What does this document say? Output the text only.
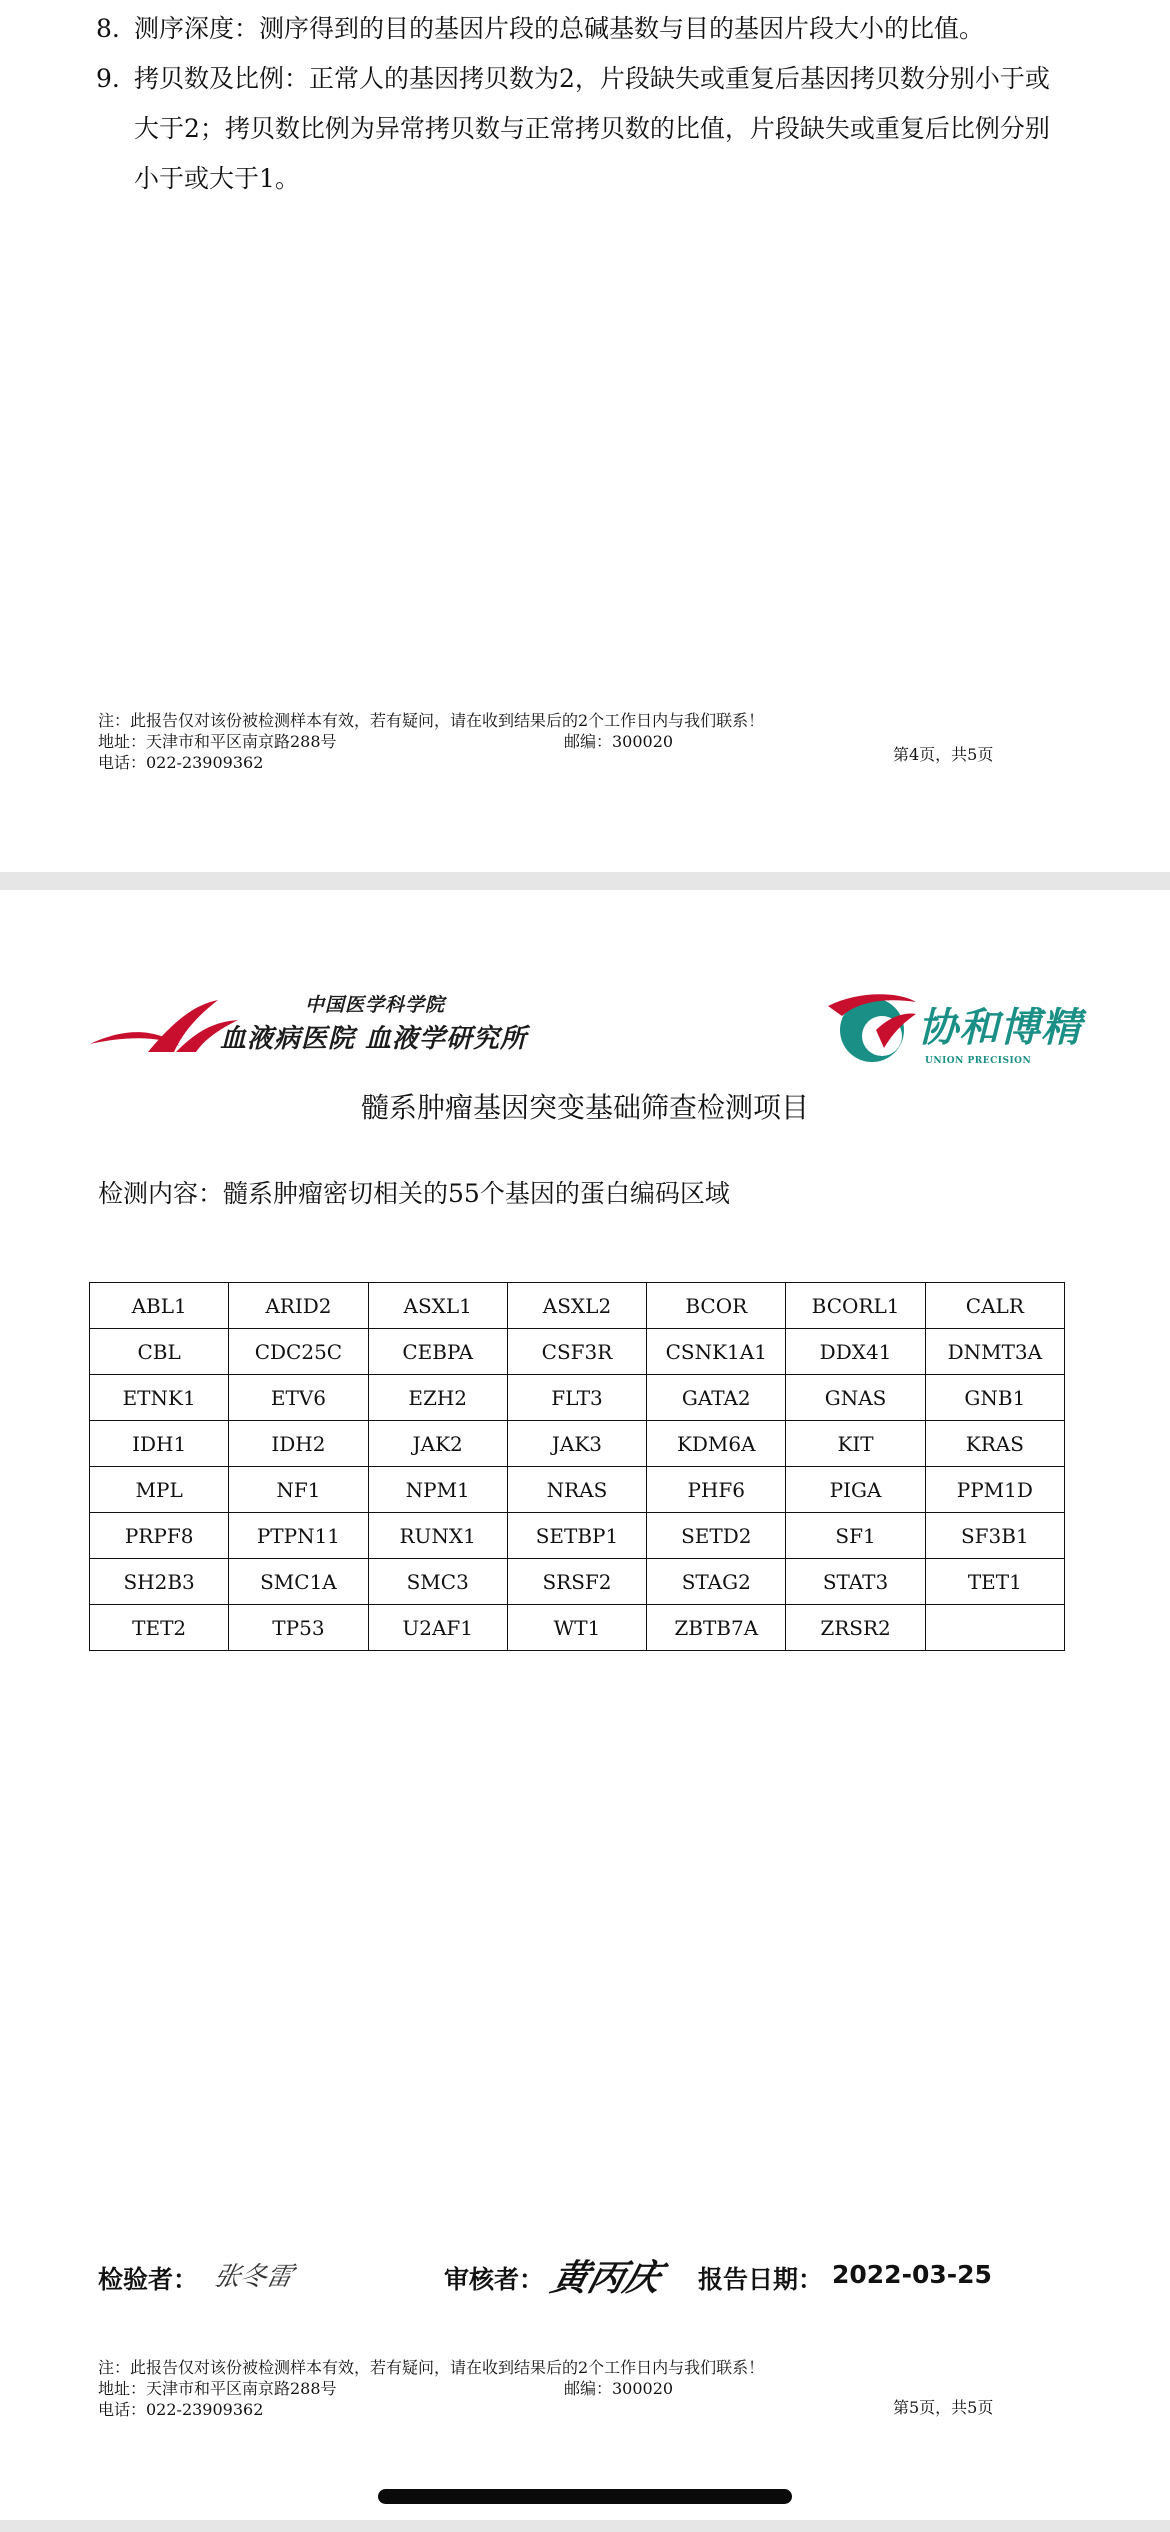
8. 测序深度：测序得到的目的基因片段的总碱基数与目的基因片段大小的比值。
9. 拷贝数及比例：正常人的基因拷贝数为2，片段缺失或重复后基因拷贝数分别小于或
大于2；拷贝数比例为异常拷贝数与正常拷贝数的比值，片段缺失或重复后比例分别
小于或大于1。
注：此报告仅对该份被检测样本有效，若有疑问，请在收到结果后的2个工作日内与我们联系！
地址：天津市和平区南京路288号	邮编：300020
电话：022-23909362	第4页，共5页
中国医学科学院
血液病医院 血液学研究所	协和博精
UNION PRECISION
髓系肿瘤基因突变基础筛查检测项目
检测内容：髓系肿瘤密切相关的55个基因的蛋白编码区域
ABL1	ARID2	ASXL1	ASXL2	BCOR	BCORL1	CALR
CBL	CDC25C	CEBPA	CSF3R	CSNK1A1	DDX41	DNMT3A
ETNK1	ETV6	EZH2	FLT3	GATA2	GNAS	GNB1
IDH1	IDH2	JAK2	JAK3	KDM6A	KIT	KRAS
MPL	NF1	NPM1	NRAS	PHF6	PIGA	PPM1D
PRPF8	PTPN11	RUNX1	SETBP1	SETD2	SF1	SF3B1
SH2B3	SMC1A	SMC3	SRSF2	STAG2	STAT3	TET1
TET2	TP53	U2AF1	WT1	ZBTB7A	ZRSR2	
检验者： 张冬雷	审核者： 黄丙庆 报告日期： 2022-03-25
注：此报告仅对该份被检测样本有效，若有疑问，请在收到结果后的2个工作日内与我们联系！
地址：天津市和平区南京路288号	邮编：300020
电话：022-23909362	第5页，共5页
